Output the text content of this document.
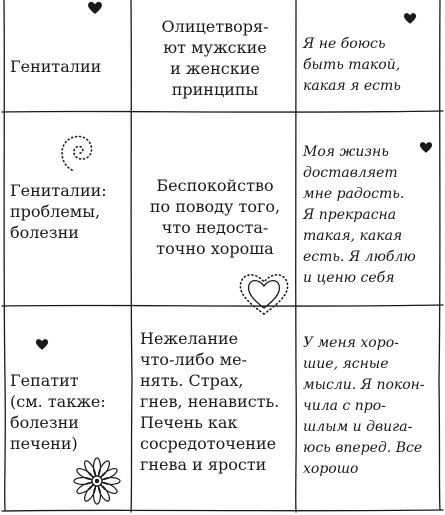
Гениталии
Олицетворя-
ют мужские
и женские
принципы
Я не боюсь
быть такой,
какая я есть
Гениталии:
проблемы,
болезни
Беспокойство
по поводу того,
что недоста-
точно хороша
Моя жизнь
доставляет
мне радость.
Я прекрасна
такая, какая
есть. Я люблю
и ценю себя
Гепатит
(см. также:
болезни
печени)
Нежелание
что-либо ме-
нять. Страх,
гнев, ненависть.
Печень как
сосредоточение
гнева и ярости
У меня хоро-
шие, ясные
мысли. Я покон-
чила с про-
шлым и двига-
юсь вперед. Все
хорошо
